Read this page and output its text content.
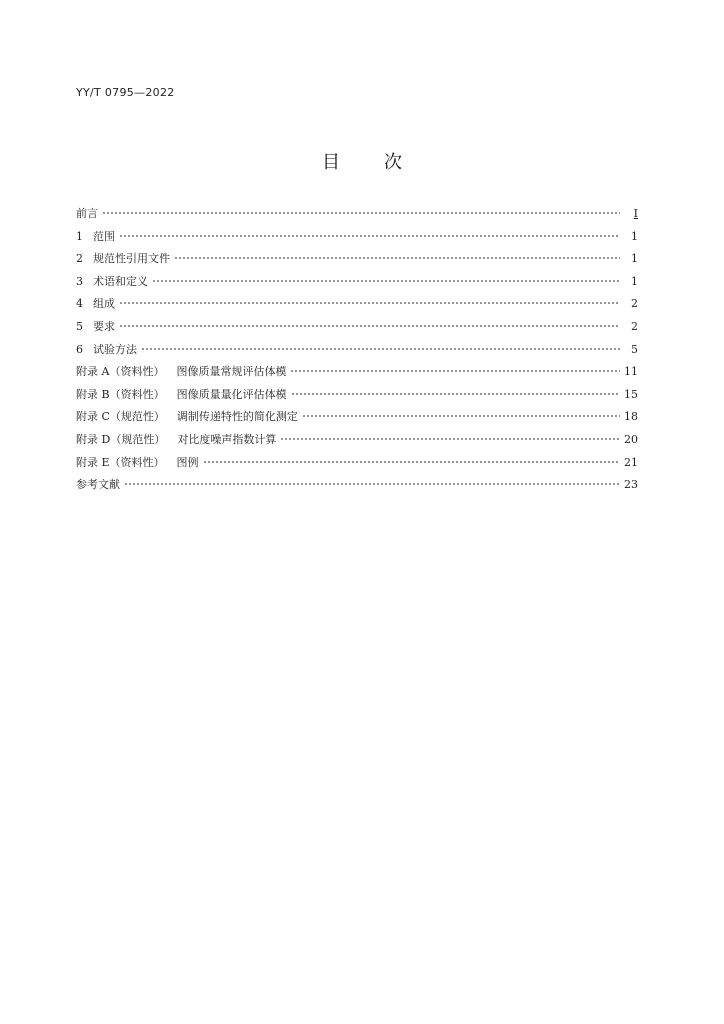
YY/T 0795—2022
目 次
前言	Ⅰ
1 范围	1
2 规范性引用文件	1
3 术语和定义	1
4 组成	2
5 要求	2
6 试验方法	5
附录 A（资料性） 图像质量常规评估体模	11
附录 B（资料性） 图像质量量化评估体模	15
附录 C（规范性） 调制传递特性的简化测定	18
附录 D（规范性） 对比度噪声指数计算	20
附录 E（资料性） 图例	21
参考文献	23
